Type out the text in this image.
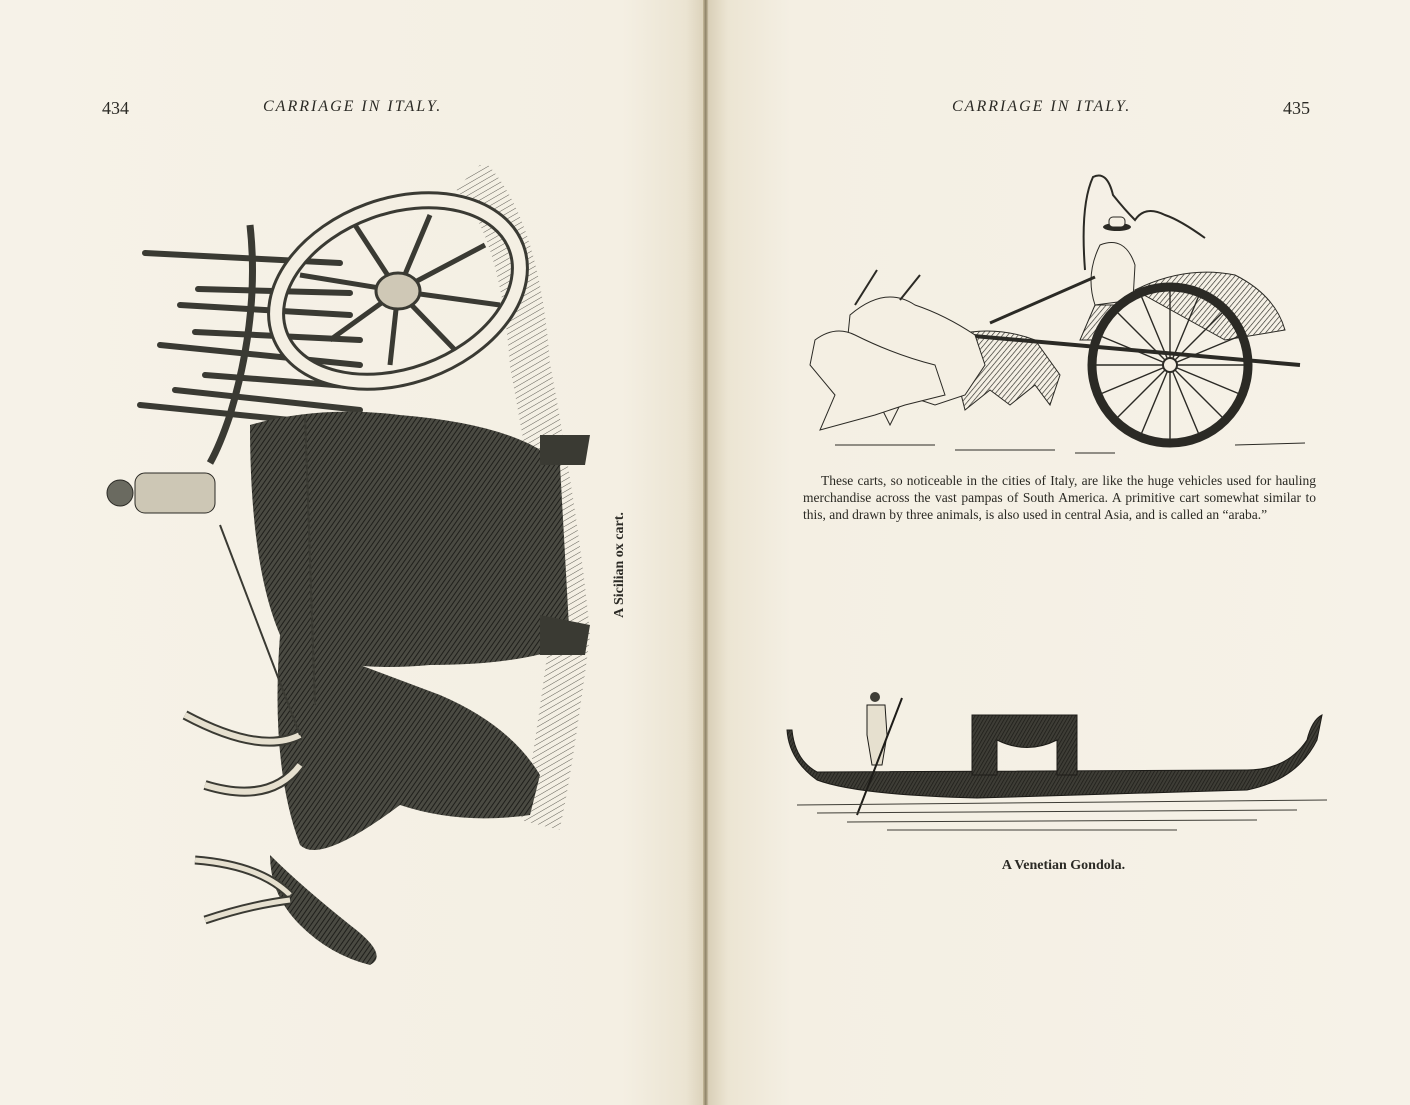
434	CARRIAGE IN ITALY.
A Sicilian ox cart.
CARRIAGE IN ITALY.	435

These carts, so noticeable in the cities of Italy, are like the huge vehicles used for hauling merchandise across the vast pampas of South America. A primitive cart somewhat similar to this, and drawn by three animals, is also used in central Asia, and is called an “araba.”

A Venetian Gondola.
